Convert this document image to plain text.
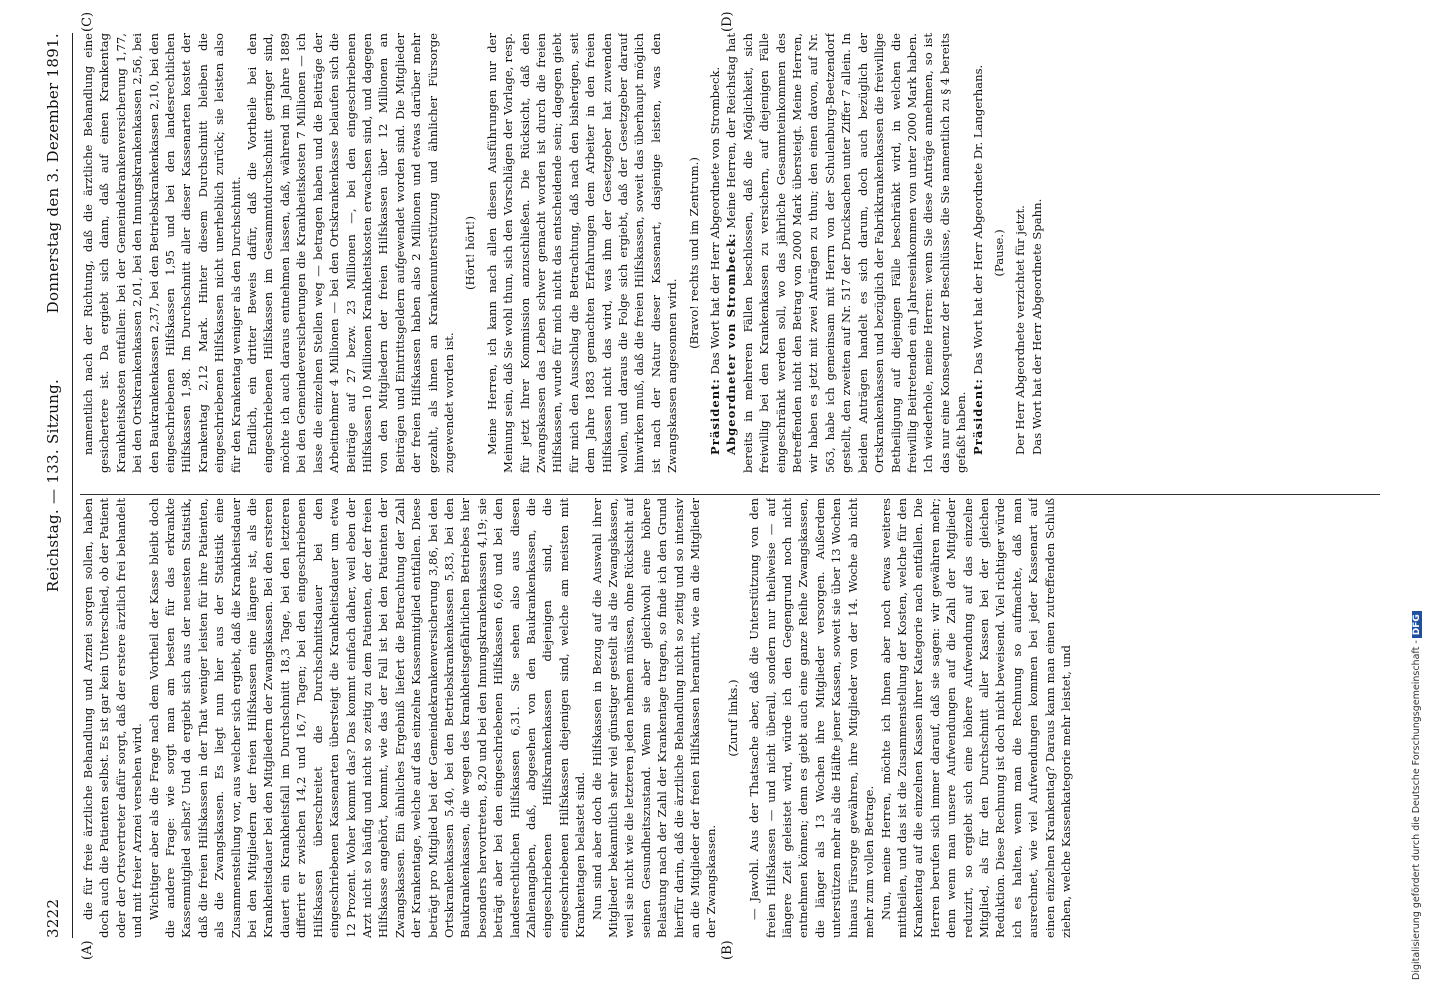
3222
Reichstag. — 133. Sitzung.
Donnerstag den 3. Dezember 1891.
(A)	(B)
(C)	(D)

die für freie ärztliche Behandlung und Arznei sorgen sollen, haben doch auch die Patienten selbst. Es ist gar kein Unterschied, ob der Patient oder der Ortsvertreter dafür sorgt, daß der erstere ärztlich frei behandelt und mit freier Arznei versehen wird. Wichtiger aber als die Frage nach dem Vortheil der Kasse bleibt doch die andere Frage: wie sorgt man am besten für das erkrankte Kassenmitglied selbst? Und da ergiebt sich aus der neuesten Statistik, daß die freien Hilfskassen in der That weniger leisten für ihre Patienten, als die Zwangskassen. Es liegt nun hier aus der Statistik eine Zusammenstellung vor, aus welcher sich ergiebt, daß die Krankheitsdauer bei den Mitgliedern der freien Hilfskassen eine längere ist, als die Krankheitsdauer bei den Mitgliedern der Zwangskassen. Bei den ersteren dauert ein Krankheitsfall im Durchschnitt 18,3 Tage, bei den letzteren differirt er zwischen 14,2 und 16,7 Tagen; bei den eingeschriebenen Hilfskassen überschreitet die Durchschnittsdauer bei den eingeschriebenen Kassenarten übersteigt die Krankheitsdauer um etwa 12 Prozent. Woher kommt das? Das kommt einfach daher, weil eben der Arzt nicht so häufig und nicht so zeitig zu dem Patienten, der der freien Hilfskasse angehört, kommt, wie das der Fall ist bei den Patienten der Zwangskassen. Ein ähnliches Ergebniß liefert die Betrachtung der Zahl der Krankentage, welche auf das einzelne Kassenmitglied entfallen. Diese beträgt pro Mitglied bei der Gemeindekrankenversicherung 3,86, bei den Ortskrankenkassen 5,40, bei den Betriebskrankenkassen 5,83, bei den Baukrankenkassen, die wegen des krankheitsgefährlichen Betriebes hier besonders hervortreten, 8,20 und bei den Innungskrankenkassen 4,19; sie beträgt aber bei den eingeschriebenen Hilfskassen 6,60 und bei den landesrechtlichen Hilfskassen 6,31. Sie sehen also aus diesen Zahlenangaben, daß, abgesehen von den Baukrankenkassen, die eingeschriebenen Hilfskrankenkassen diejenigen sind, die eingeschriebenen Hilfskassen diejenigen sind, welche am meisten mit Krankentagen belastet sind. Nun sind aber doch die Hilfskassen in Bezug auf die Auswahl ihrer Mitglieder bekanntlich sehr viel günstiger gestellt als die Zwangskassen, weil sie nicht wie die letzteren jeden nehmen müssen, ohne Rücksicht auf seinen Gesundheitszustand. Wenn sie aber gleichwohl eine höhere Belastung nach der Zahl der Krankentage tragen, so finde ich den Grund hierfür darin, daß die ärztliche Behandlung nicht so zeitig und so intensiv an die Mitglieder der freien Hilfskassen herantritt, wie an die Mitglieder der Zwangskassen.

(Zuruf links.) — Jawohl. Aus der Thatsache aber, daß die Unterstützung von den freien Hilfskassen — und nicht überall, sondern nur theilweise — auf längere Zeit geleistet wird, würde ich den Gegengrund noch nicht entnehmen können; denn es giebt auch eine ganze Reihe Zwangskassen, die länger als 13 Wochen ihre Mitglieder versorgen. Außerdem unterstützen mehr als die Hälfte jener Kassen, soweit sie über 13 Wochen hinaus Fürsorge gewähren, ihre Mitglieder von der 14. Woche ab nicht mehr zum vollen Betrage. Nun, meine Herren, möchte ich Ihnen aber noch etwas weiteres mittheilen, und das ist die Zusammenstellung der Kosten, welche für den Krankentag auf die einzelnen Kassen ihrer Kategorie nach entfallen. Die Herren berufen sich immer darauf, daß sie sagen: wir gewähren mehr; denn wenn man unsere Aufwendungen auf die Zahl der Mitglieder reduzirt, so ergiebt sich eine höhere Aufwendung auf das einzelne Mitglied, als für den Durchschnitt aller Kassen bei der gleichen Reduktion. Diese Rechnung ist doch nicht beweisend. Viel richtiger würde ich es halten, wenn man die Rechnung so aufmachte, daß man ausrechnet, wie viel Aufwendungen kommen bei jeder Kassenart auf einen einzelnen Krankentag? Daraus kann man einen zutreffenden Schluß ziehen, welche Kassenkategorie mehr leistet, und

namentlich nach der Richtung, daß die ärztliche Behandlung eine gesichertere ist. Da ergiebt sich dann, daß auf einen Krankentag Krankheitskosten entfallen: bei der Gemeindekrankenversicherung 1,77, bei den Ortskrankenkassen 2,01, bei den Innungskrankenkassen 2,56, bei den Baukrankenkassen 2,37, bei den Betriebskrankenkassen 2,10, bei den eingeschriebenen Hilfskassen 1,95 und bei den landesrechtlichen Hilfskassen 1,98. Im Durchschnitt aller dieser Kassenarten kostet der Krankentag 2,12 Mark. Hinter diesem Durchschnitt bleiben die eingeschriebenen Hilfskassen nicht unerheblich zurück; sie leisten also für den Krankentag weniger als den Durchschnitt. Endlich, ein dritter Beweis dafür, daß die Vortheile bei den eingeschriebenen Hilfskassen im Gesammtdurchschnitt geringer sind, möchte ich auch daraus entnehmen lassen, daß, während im Jahre 1889 bei den Gemeindeversicherungen die Krankheitskosten 7 Millionen — ich lasse die einzelnen Stellen weg — betragen haben und die Beiträge der Arbeitnehmer 4 Millionen — bei den Ortskrankenkasse belaufen sich die Beiträge auf 27 bezw. 23 Millionen —, bei den eingeschriebenen Hilfskassen 10 Millionen Krankheitskosten erwachsen sind, und dagegen von den Mitgliedern der freien Hilfskassen über 12 Millionen an Beiträgen und Eintrittsgeldern aufgewendet worden sind. Die Mitglieder der freien Hilfskassen haben also 2 Millionen und etwas darüber mehr gezahlt, als ihnen an Krankenunterstützung und ähnlicher Fürsorge zugewendet worden ist.

(Hört! hört!) Meine Herren, ich kann nach allen diesen Ausführungen nur der Meinung sein, daß Sie wohl thun, sich den Vorschlägen der Vorlage, resp. für jetzt Ihrer Kommission anzuschließen. Die Rücksicht, daß den Zwangskassen das Leben schwer gemacht worden ist durch die freien Hilfskassen, wurde für mich nicht das entscheidende sein; dagegen giebt für mich den Ausschlag die Betrachtung, daß nach den bisherigen, seit dem Jahre 1883 gemachten Erfahrungen dem Arbeiter in den freien Hilfskassen nicht das wird, was ihm der Gesetzgeber hat zuwenden wollen, und daraus die Folge sich ergiebt, daß der Gesetzgeber darauf hinwirken muß, daß die freien Hilfskassen, soweit das überhaupt möglich ist nach der Natur dieser Kassenart, dasjenige leisten, was den Zwangskassen angesonnen wird.

(Bravo! rechts und im Zentrum.)

Präsident: Das Wort hat der Herr Abgeordnete von Strombeck. Abgeordneter von Strombeck: Meine Herren, der Reichstag hat bereits in mehreren Fällen beschlossen, daß die Möglichkeit, sich freiwillig bei den Krankenkassen zu versichern, auf diejenigen Fälle eingeschränkt werden soll, wo das jährliche Gesammteinkommen des Betreffenden nicht den Betrag von 2000 Mark übersteigt. Meine Herren, wir haben es jetzt mit zwei Anträgen zu thun; den einen davon, auf Nr. 563, habe ich gemeinsam mit Herrn von der Schulenburg-Beetzendorf gestellt, den zweiten auf Nr. 517 der Drucksachen unter Ziffer 7 allein. In beiden Anträgen handelt es sich darum, doch auch bezüglich der Ortskrankenkassen und bezüglich der Fabrikkrankenkassen die freiwillige Betheiligung auf diejenigen Fälle beschränkt wird, in welchen die freiwillig Beitretenden ein Jahreseinkommen von unter 2000 Mark haben. Ich wiederhole, meine Herren: wenn Sie diese Anträge annehmen, so ist das nur eine Konsequenz der Beschlüsse, die Sie namentlich zu § 4 bereits gefaßt haben. Präsident: Das Wort hat der Herr Abgeordnete Dr. Langerhans. (Pause.) Der Herr Abgeordnete verzichtet für jetzt. Das Wort hat der Herr Abgeordnete Spahn.

Digitalisierung gefördert durch die Deutsche Forschungsgemeinschaft -DFG
